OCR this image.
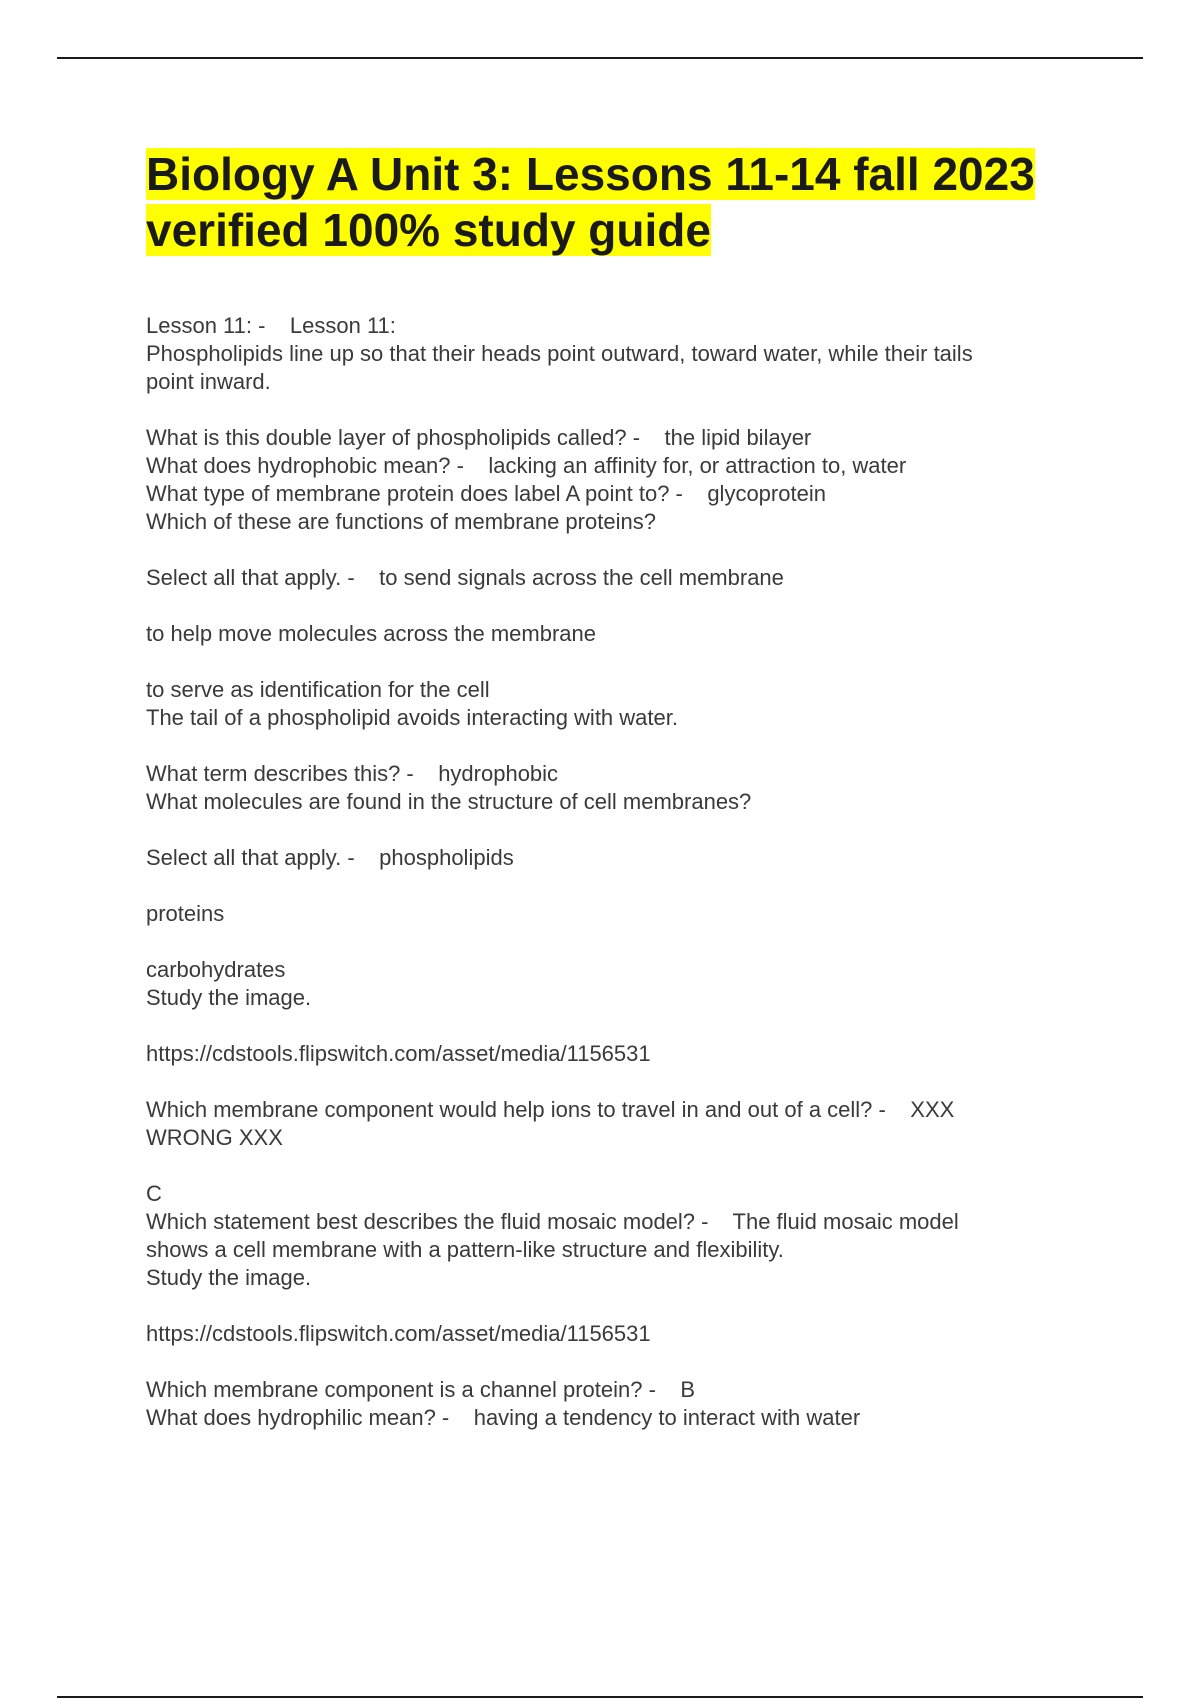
Biology A Unit 3: Lessons 11-14 fall 2023
verified 100% study guide

Lesson 11: -    Lesson 11:

Phospholipids line up so that their heads point outward, toward water, while their tails

point inward.

What is this double layer of phospholipids called? -    the lipid bilayer

What does hydrophobic mean? -    lacking an affinity for, or attraction to, water

What type of membrane protein does label A point to? -    glycoprotein

Which of these are functions of membrane proteins?

Select all that apply. -    to send signals across the cell membrane

to help move molecules across the membrane

to serve as identification for the cell

The tail of a phospholipid avoids interacting with water.

What term describes this? -    hydrophobic

What molecules are found in the structure of cell membranes?

Select all that apply. -    phospholipids

proteins

carbohydrates

Study the image.

https://cdstools.flipswitch.com/asset/media/1156531

Which membrane component would help ions to travel in and out of a cell? -    XXX

WRONG XXX

C

Which statement best describes the fluid mosaic model? -    The fluid mosaic model

shows a cell membrane with a pattern-like structure and flexibility.

Study the image.

https://cdstools.flipswitch.com/asset/media/1156531

Which membrane component is a channel protein? -    B

What does hydrophilic mean? -    having a tendency to interact with water
